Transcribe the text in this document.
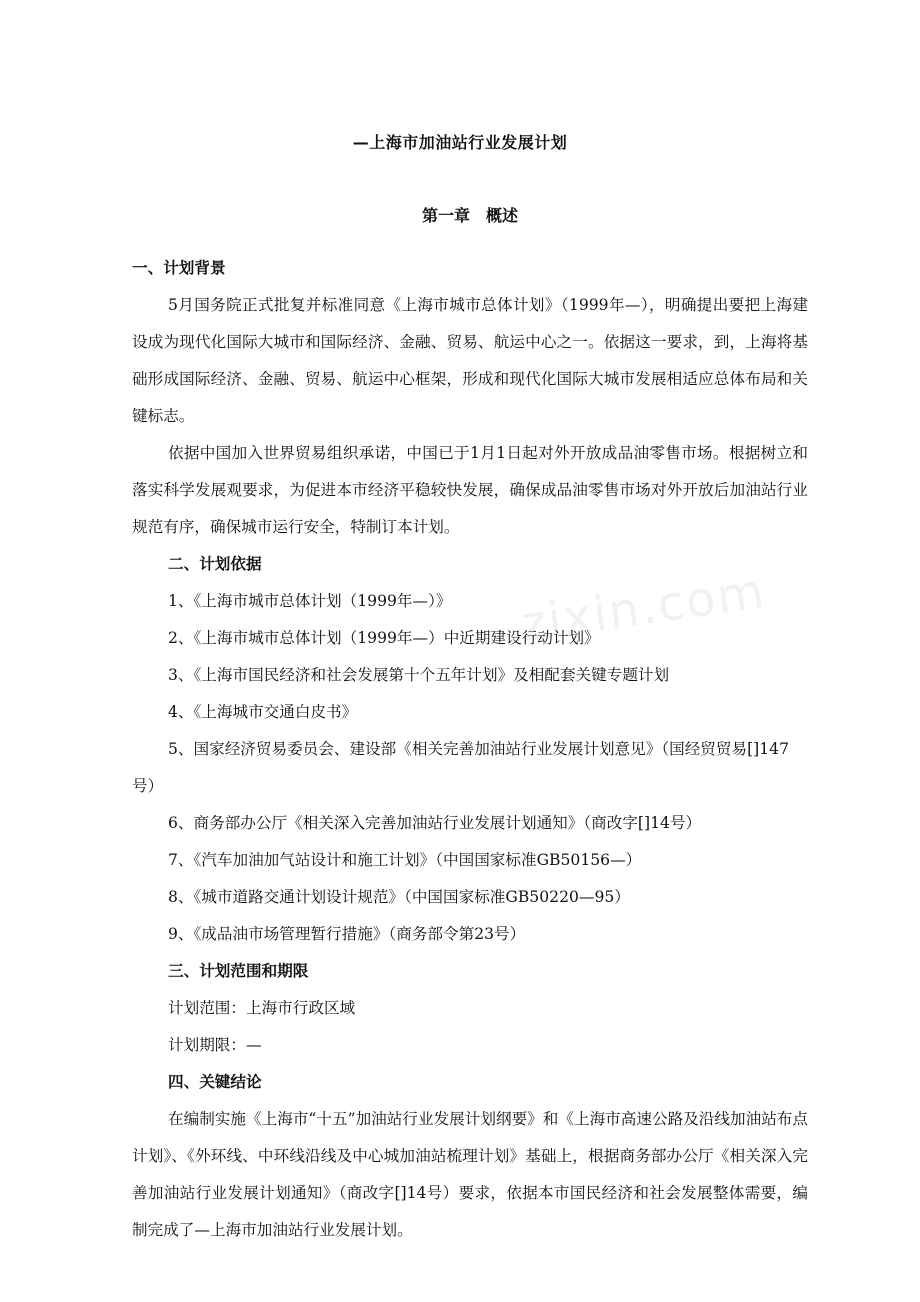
zixin.com
—上海市加油站行业发展计划
第一章　概述

一、计划背景

5月国务院正式批复并标准同意《上海市城市总体计划》（1999年—），明确提出要把上海建设成为现代化国际大城市和国际经济、金融、贸易、航运中心之一。依据这一要求，到，上海将基础形成国际经济、金融、贸易、航运中心框架，形成和现代化国际大城市发展相适应总体布局和关键标志。

依据中国加入世界贸易组织承诺，中国已于1月1日起对外开放成品油零售市场。根据树立和落实科学发展观要求，为促进本市经济平稳较快发展，确保成品油零售市场对外开放后加油站行业规范有序，确保城市运行安全，特制订本计划。

二、计划依据

1、《上海市城市总体计划（1999年—）》

2、《上海市城市总体计划（1999年—）中近期建设行动计划》

3、《上海市国民经济和社会发展第十个五年计划》及相配套关键专题计划

4、《上海城市交通白皮书》

5、国家经济贸易委员会、建设部《相关完善加油站行业发展计划意见》（国经贸贸易[]147号）

6、商务部办公厅《相关深入完善加油站行业发展计划通知》（商改字[]14号）

7、《汽车加油加气站设计和施工计划》（中国国家标准GB50156—）

8、《城市道路交通计划设计规范》（中国国家标准GB50220—95）

9、《成品油市场管理暂行措施》（商务部令第23号）

三、计划范围和期限

计划范围：上海市行政区域

计划期限：—

四、关键结论

在编制实施《上海市“十五”加油站行业发展计划纲要》和《上海市高速公路及沿线加油站布点计划》、《外环线、中环线沿线及中心城加油站梳理计划》基础上，根据商务部办公厅《相关深入完善加油站行业发展计划通知》（商改字[]14号）要求，依据本市国民经济和社会发展整体需要，编制完成了—上海市加油站行业发展计划。
